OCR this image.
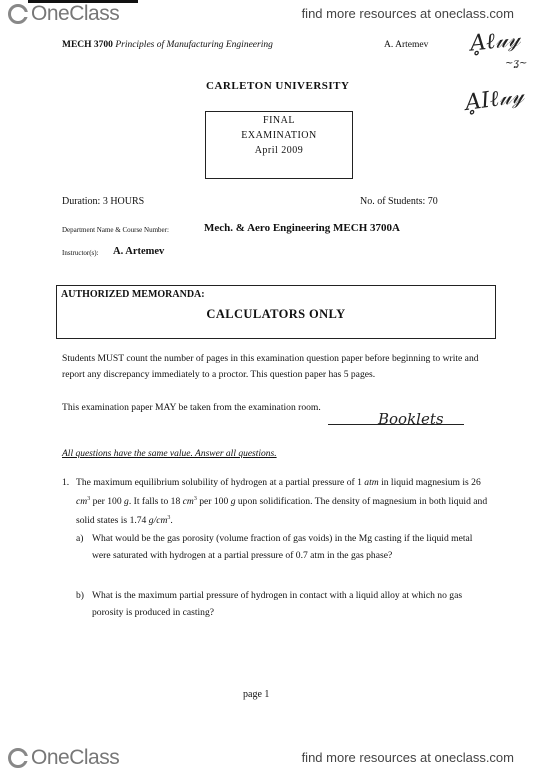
OneClass	find more resources at oneclass.com
MECH 3700 Principles of Manufacturing Engineering	A. Artemev Ḁℓ𝓊𝓎
~ʓ~
ḀIℓ𝓊𝓎
CARLETON UNIVERSITY
FINAL
EXAMINATION
April 2009
Duration: 3 HOURS	No. of Students: 70
Department Name & Course Number:	Mech. & Aero Engineering MECH 3700A
Instructor(s): A. Artemev
AUTHORIZED MEMORANDA:
CALCULATORS ONLY
Students MUST count the number of pages in this examination question paper before beginning to write and report any discrepancy immediately to a proctor. This question paper has 5 pages.
This examination paper MAY be taken from the examination room.
Booklets
All questions have the same value. Answer all questions.
1. The maximum equilibrium solubility of hydrogen at a partial pressure of 1 atm in liquid magnesium is 26 $cm^3$ per 100 g. It falls to 18 $cm^3$ per 100 g upon solidification. The density of magnesium in both liquid and solid states is 1.74 $g/cm^3$.
a) What would be the gas porosity (volume fraction of gas voids) in the Mg casting if the liquid metal were saturated with hydrogen at a partial pressure of 0.7 atm in the gas phase?
b) What is the maximum partial pressure of hydrogen in contact with a liquid alloy at which no gas porosity is produced in casting?
page 1
OneClass	find more resources at oneclass.com
